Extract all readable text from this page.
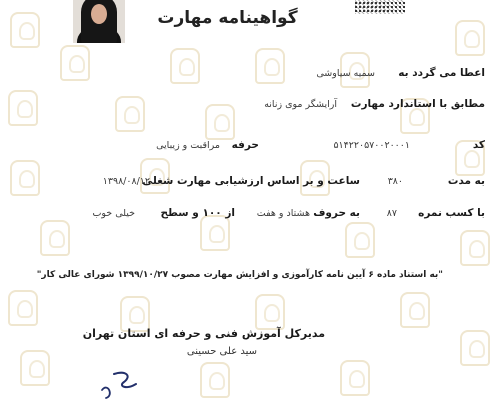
گواهینامه مهارت
اعطا می گردد به
سمیه سیاوشی
مطابق با استاندارد مهارت
آرایشگر موی زنانه
کد
۵۱۴۲۲۰۵۷۰۰۲۰۰۰۱
حرفه
مراقبت و زیبایی
به مدت
۳۸۰
ساعت و بر اساس ارزشیابی مهارت شغلی
۱۳۹۸/۰۸/۱۲
با کسب نمره
۸۷
به حروف
هشتاد و هفت
از ۱۰۰ و سطح
خیلی خوب
"به استناد ماده ۶ آیین نامه کارآموزی و افزایش مهارت مصوب ۱۳۹۹/۱۰/۲۷ شورای عالی کار"
مدیرکل آموزش فنی و حرفه ای استان تهران
سید علی حسینی
